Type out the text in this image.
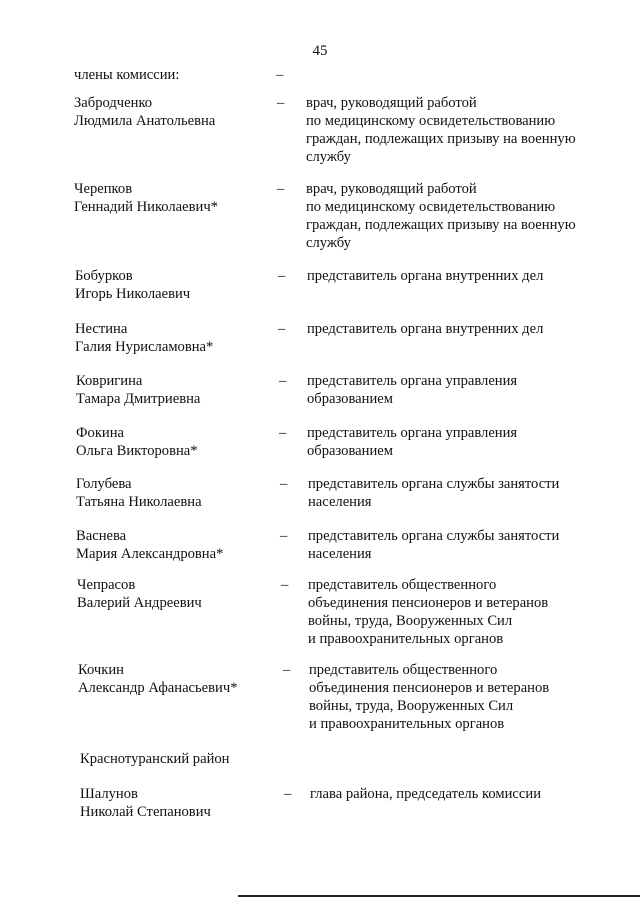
45
члены комиссии:	–
Забродченко
Людмила Анатольевна
– врач, руководящий работой
по медицинскому освидетельствованию
граждан, подлежащих призыву на военную
службу
Черепков
Геннадий Николаевич*
– врач, руководящий работой
по медицинскому освидетельствованию
граждан, подлежащих призыву на военную
службу
Бобурков
Игорь Николаевич
– представитель органа внутренних дел
Нестина
Галия Нурисламовна*
– представитель органа внутренних дел
Ковригина
Тамара Дмитриевна
– представитель органа управления
образованием
Фокина
Ольга Викторовна*
– представитель органа управления
образованием
Голубева
Татьяна Николаевна
– представитель органа службы занятости
населения
Васнева
Мария Александровна*
– представитель органа службы занятости
населения
Чепрасов
Валерий Андреевич
– представитель общественного
объединения пенсионеров и ветеранов
войны, труда, Вооруженных Сил
и правоохранительных органов
Кочкин
Александр Афанасьевич*
– представитель общественного
объединения пенсионеров и ветеранов
войны, труда, Вооруженных Сил
и правоохранительных органов
Краснотуранский район
Шалунов
Николай Степанович
– глава района, председатель комиссии
